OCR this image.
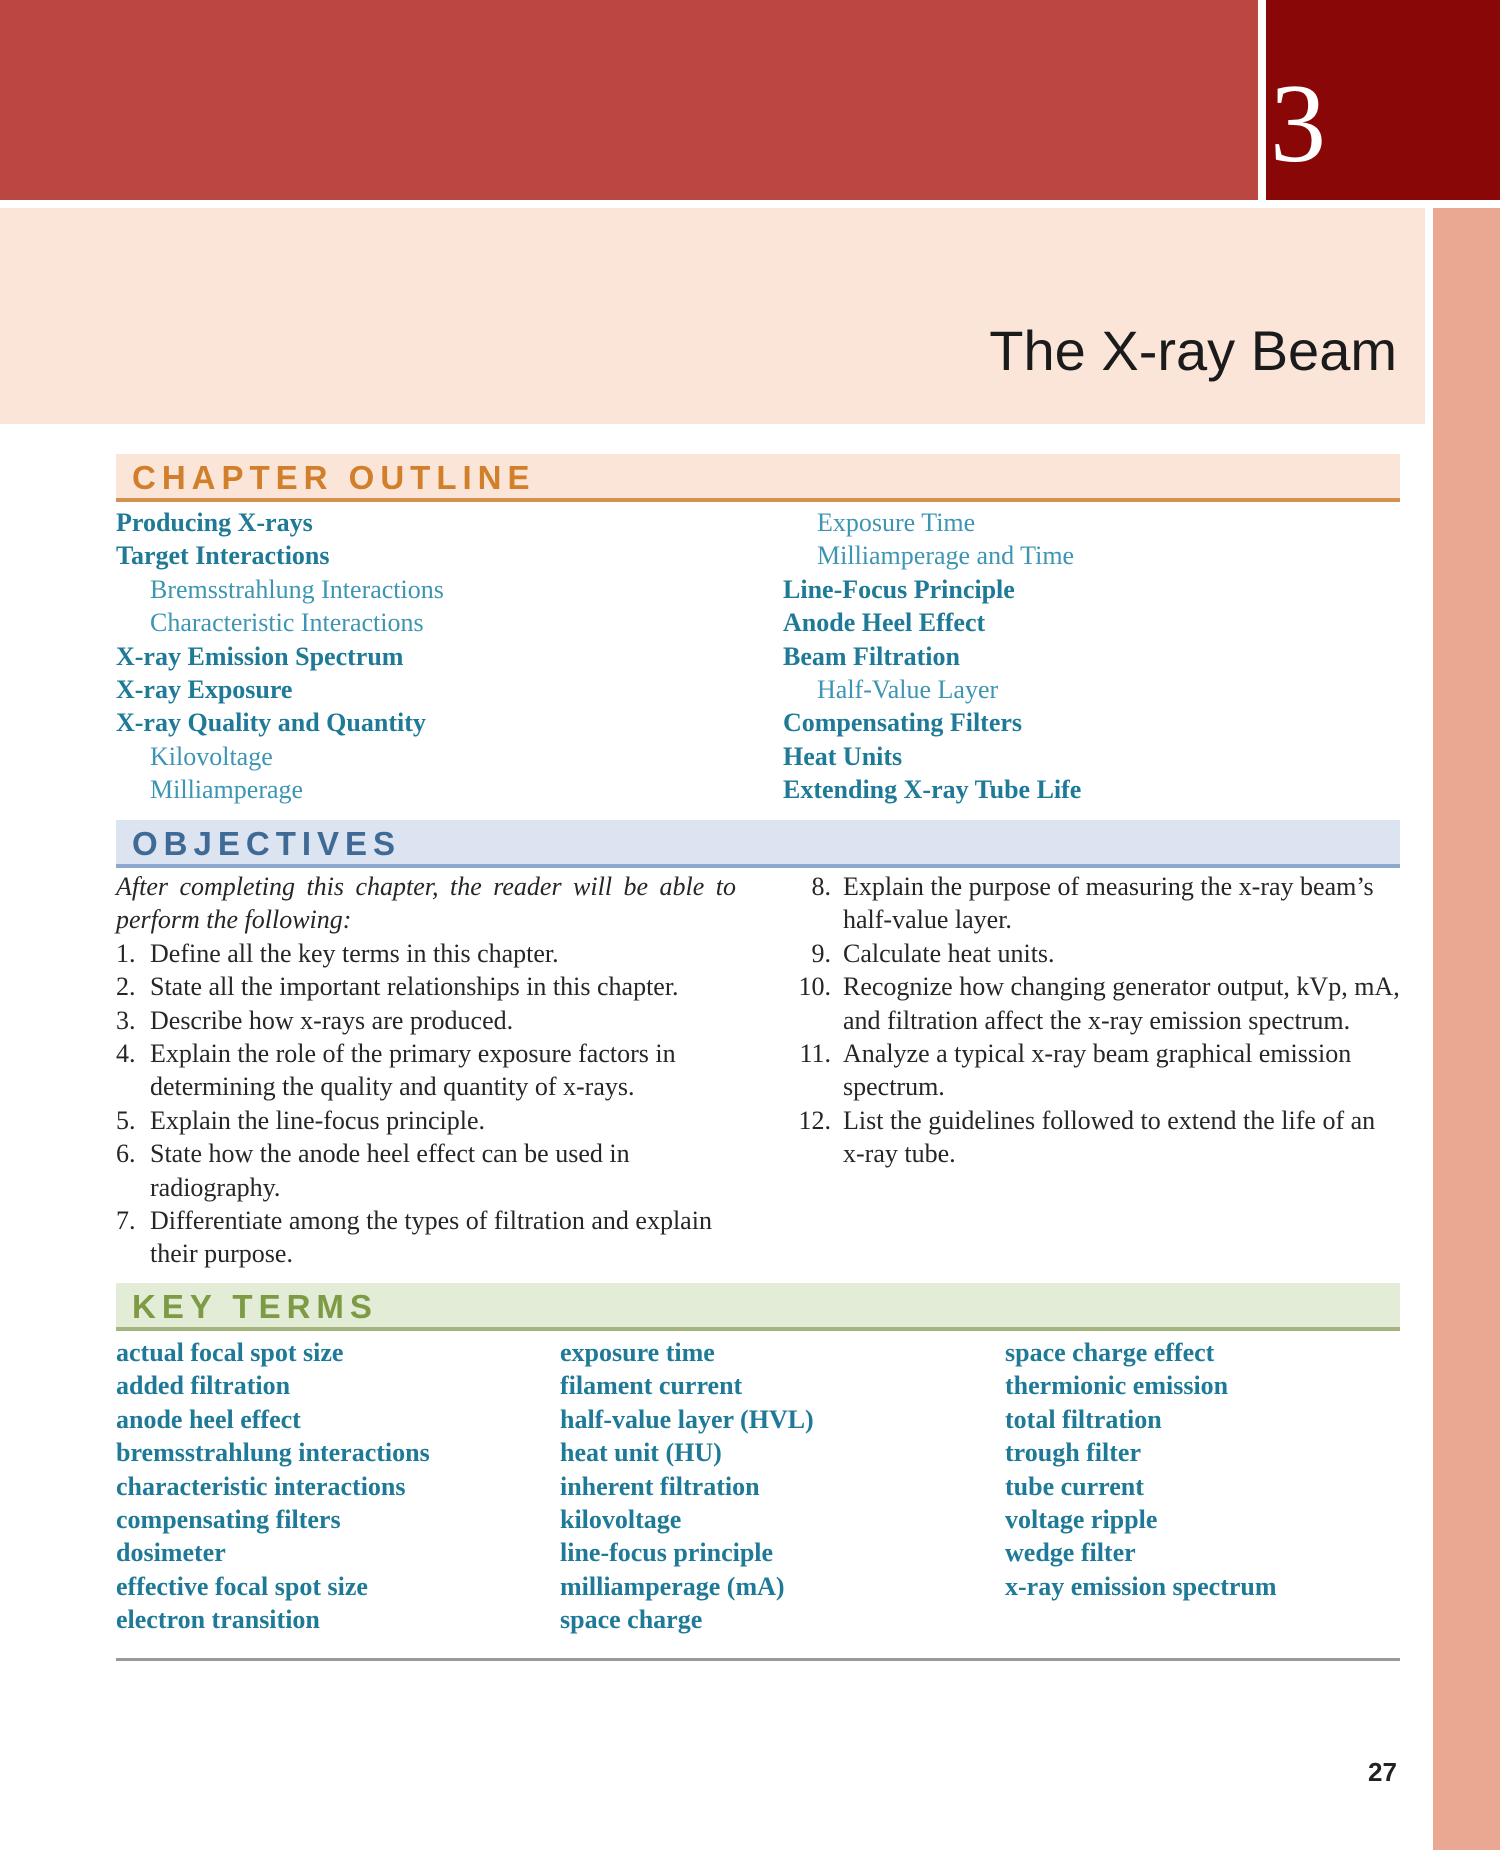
3
The X-ray Beam
CHAPTER OUTLINE
Producing X-rays
Target Interactions
Bremsstrahlung Interactions
Characteristic Interactions
X-ray Emission Spectrum
X-ray Exposure
X-ray Quality and Quantity
Kilovoltage
Milliamperage
Exposure Time
Milliamperage and Time
Line-Focus Principle
Anode Heel Effect
Beam Filtration
Half-Value Layer
Compensating Filters
Heat Units
Extending X-ray Tube Life
OBJECTIVES
After completing this chapter, the reader will be able to perform the following:
1. Define all the key terms in this chapter.
2. State all the important relationships in this chapter.
3. Describe how x-rays are produced.
4. Explain the role of the primary exposure factors in determining the quality and quantity of x-rays.
5. Explain the line-focus principle.
6. State how the anode heel effect can be used in radiography.
7. Differentiate among the types of filtration and explain their purpose.
8. Explain the purpose of measuring the x-ray beam’s half-value layer.
9. Calculate heat units.
10. Recognize how changing generator output, kVp, mA, and filtration affect the x-ray emission spectrum.
11. Analyze a typical x-ray beam graphical emission spectrum.
12. List the guidelines followed to extend the life of an x-ray tube.
KEY TERMS
actual focal spot size
added filtration
anode heel effect
bremsstrahlung interactions
characteristic interactions
compensating filters
dosimeter
effective focal spot size
electron transition
exposure time
filament current
half-value layer (HVL)
heat unit (HU)
inherent filtration
kilovoltage
line-focus principle
milliamperage (mA)
space charge
space charge effect
thermionic emission
total filtration
trough filter
tube current
voltage ripple
wedge filter
x-ray emission spectrum
27
